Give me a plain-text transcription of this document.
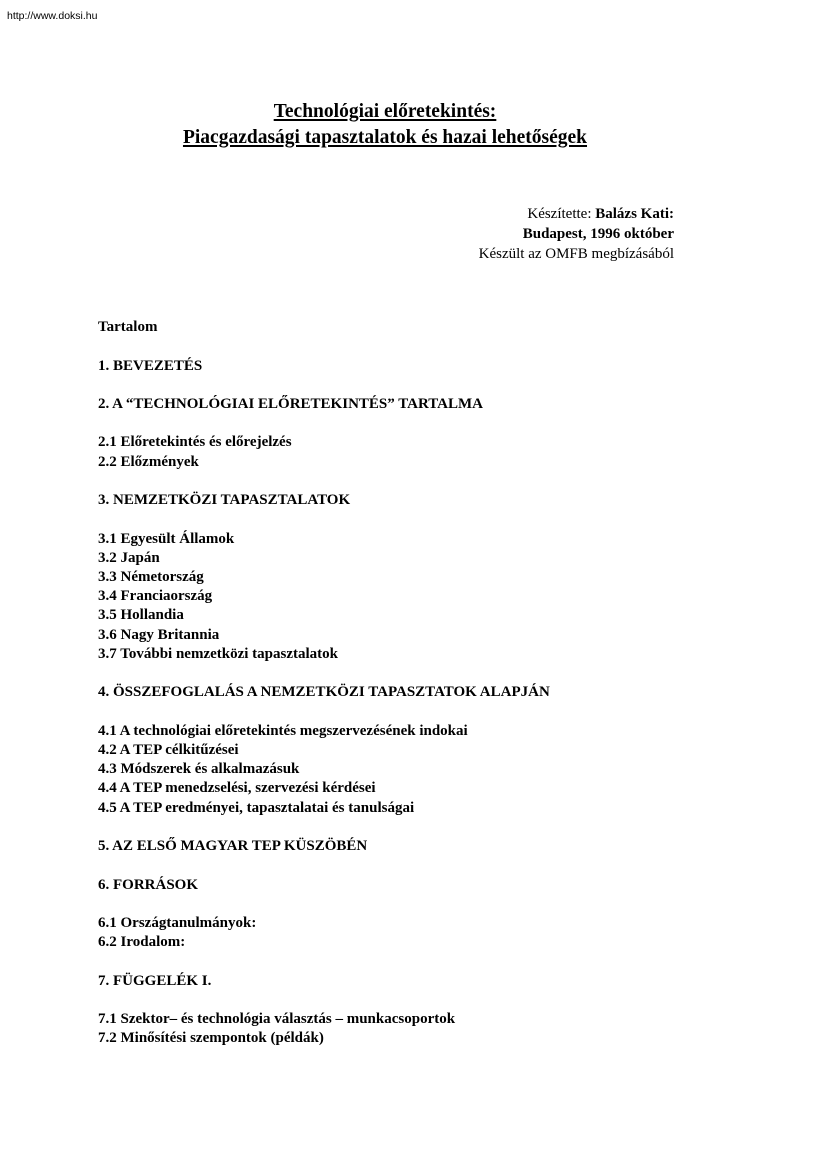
http://www.doksi.hu
Technológiai előretekintés:
Piacgazdasági tapasztalatok és hazai lehetőségek
Készítette: Balázs Kati:
Budapest, 1996 október
Készült az OMFB megbízásából
Tartalom
1. BEVEZETÉS
2. A “TECHNOLÓGIAI ELŐRETEKINTÉS” TARTALMA
2.1 Előretekintés és előrejelzés
2.2 Előzmények
3. NEMZETKÖZI TAPASZTALATOK
3.1 Egyesült Államok
3.2 Japán
3.3 Németország
3.4 Franciaország
3.5 Hollandia
3.6 Nagy Britannia
3.7 További nemzetközi tapasztalatok
4. ÖSSZEFOGLALÁS A NEMZETKÖZI TAPASZTATOK ALAPJÁN
4.1 A technológiai előretekintés megszervezésének indokai
4.2 A TEP célkitűzései
4.3 Módszerek és alkalmazásuk
4.4 A TEP menedzselési, szervezési kérdései
4.5 A TEP eredményei, tapasztalatai és tanulságai
5. AZ ELSŐ MAGYAR TEP KÜSZÖBÉN
6. FORRÁSOK
6.1 Országtanulmányok:
6.2 Irodalom:
7. FÜGGELÉK I.
7.1 Szektor– és technológia választás – munkacsoportok
7.2 Minősítési szempontok (példák)
